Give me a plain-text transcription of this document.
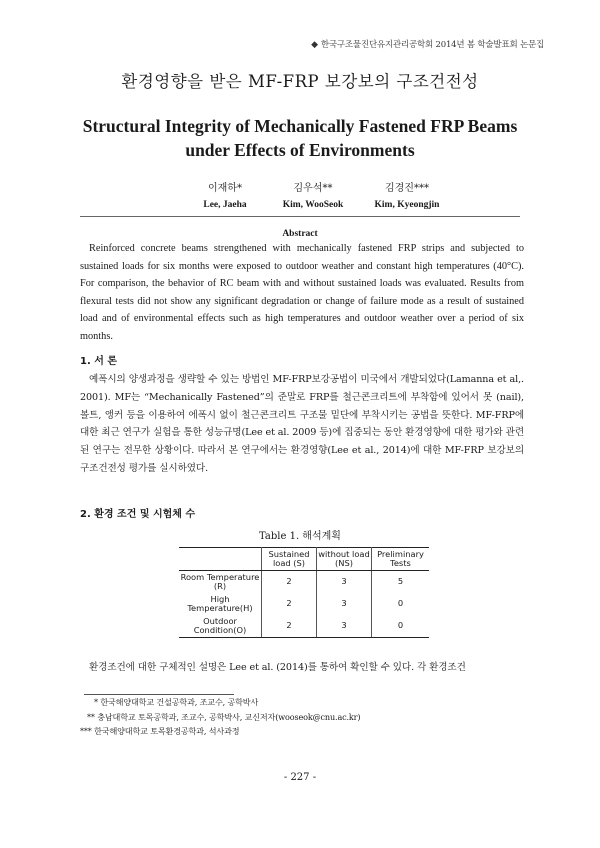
◆ 한국구조물진단유지관리공학회 2014년 봄 학술발표회 논문집
환경영향을 받은 MF-FRP 보강보의 구조건전성
Structural Integrity of Mechanically Fastened FRP Beams
under Effects of Environments
이재하*
Lee, Jaeha
김우석**
Kim, WooSeok
김경진***
Kim, Kyeongjin
Abstract
Reinforced concrete beams strengthened with mechanically fastened FRP strips and subjected to sustained loads for six months were exposed to outdoor weather and constant high temperatures (40°C). For comparison, the behavior of RC beam with and without sustained loads was evaluated. Results from flexural tests did not show any significant degradation or change of failure mode as a result of sustained load and of environmental effects such as high temperatures and outdoor weather over a period of six months.
1. 서 론
예폭시의 양생과정을 생략할 수 있는 방법인 MF-FRP보강공법이 미국에서 개발되었다(Lamanna et al,. 2001). MF는 “Mechanically Fastened”의 준말로 FRP를 철근콘크리트에 부착함에 있어서 못 (nail), 볼트, 앵커 등을 이용하여 에폭시 없이 철근콘크리트 구조물 밑단에 부착시키는 공법을 뜻한다. MF-FRP에 대한 최근 연구가 실험을 통한 성능규명(Lee et al. 2009 등)에 집중되는 동안 환경영향에 대한 평가와 관련된 연구는 전무한 상황이다. 따라서 본 연구에서는 환경영향(Lee et al., 2014)에 대한 MF-FRP 보강보의 구조건전성 평가를 실시하였다.
2. 환경 조건 및 시험체 수
Table 1. 해석계획
	Sustained load (S)	without load (NS)	Preliminary Tests
Room Temperature (R)	2	3	5
High Temperature(H)	2	3	0
Outdoor Condition(O)	2	3	0
환경조건에 대한 구체적인 설명은 Lee et al. (2014)를 통하여 확인할 수 있다. 각 환경조건
* 한국해양대학교 건설공학과, 조교수, 공학박사
** 충남대학교 토목공학과, 조교수, 공학박사, 교신저자(wooseok@cnu.ac.kr)
*** 한국해양대학교 토목환경공학과, 석사과정
- 227 -
